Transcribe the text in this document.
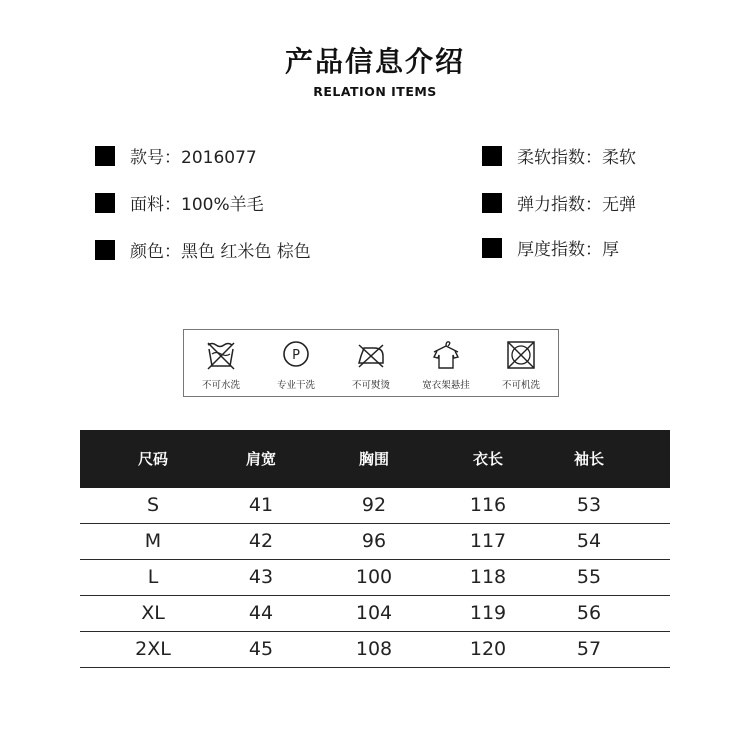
产品信息介绍
RELATION ITEMS
款号：2016077
面料：100%羊毛
颜色：黑色 红米色 棕色
柔软指数：柔软
弹力指数：无弹
厚度指数：厚
不可水洗
P
专业干洗	不可熨烫	宽衣架悬挂	不可机洗
尺码	肩宽	胸围	衣长	袖长
S	41	92	116	53
M	42	96	117	54
L	43	100	118	55
XL	44	104	119	56
2XL	45	108	120	57
